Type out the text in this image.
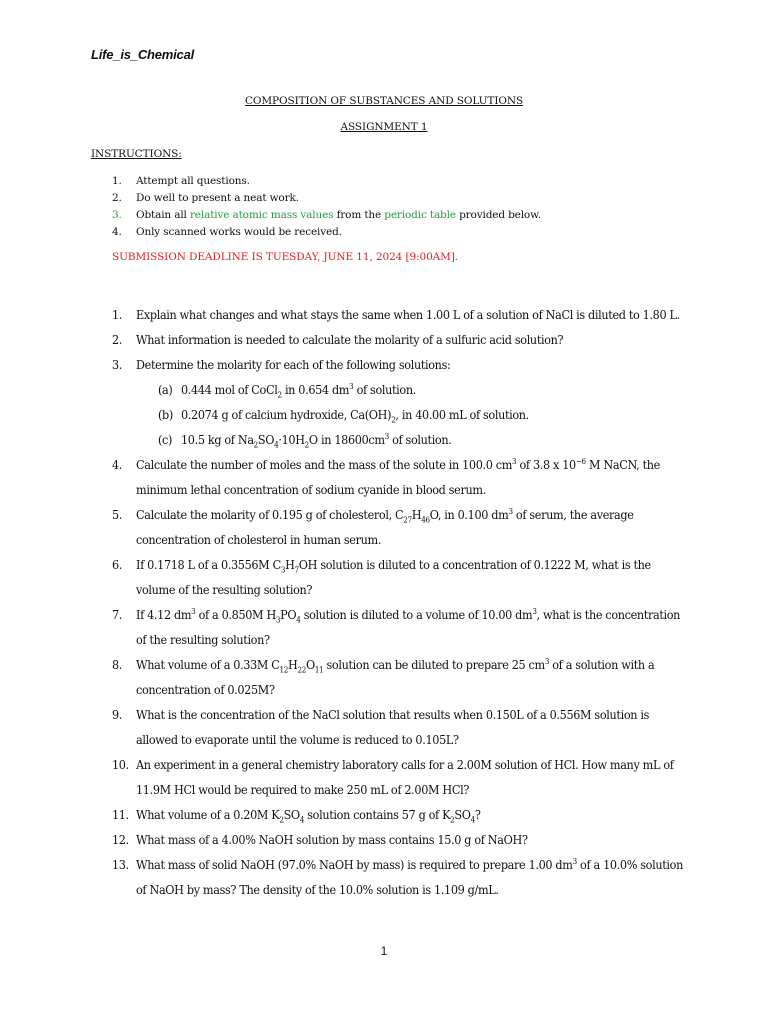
Life_is_Chemical
COMPOSITION OF SUBSTANCES AND SOLUTIONS
ASSIGNMENT 1
INSTRUCTIONS:
1.	Attempt all questions.
2.	Do well to present a neat work.
3.	Obtain all relative atomic mass values from the periodic table provided below.
4.	Only scanned works would be received.
SUBMISSION DEADLINE IS TUESDAY, JUNE 11, 2024 [9:00AM].
1.	Explain what changes and what stays the same when 1.00 L of a solution of NaCl is diluted to 1.80 L.
2.	What information is needed to calculate the molarity of a sulfuric acid solution?
3.	Determine the molarity for each of the following solutions:
(a) 0.444 mol of CoCl$_2$ in 0.654 $dm^3$ of solution.
(b) 0.2074 g of calcium hydroxide, $Ca(OH)_2$, in 40.00 mL of solution.
(c) 10.5 kg of $Na_2SO_4\cdot 10H_2O$ in $18600cm^3$ of solution.
4.	Calculate the number of moles and the mass of the solute in 100.0 $cm^3$ of 3.8 x $10^{-6}$ M NaCN, the minimum lethal concentration of sodium cyanide in blood serum.
5.	Calculate the molarity of 0.195 g of cholesterol, $C_{27}H_{46}O$, in 0.100 $dm^3$ of serum, the average concentration of cholesterol in human serum.
6.	If 0.1718 L of a 0.3556M $C_3H_7OH$ solution is diluted to a concentration of 0.1222 M, what is the volume of the resulting solution?
7.	If 4.12 $dm^3$ of a 0.850M $H_3PO_4$ solution is diluted to a volume of 10.00 $dm^3$, what is the concentration of the resulting solution?
8.	What volume of a 0.33M $C_{12}H_{22}O_{11}$ solution can be diluted to prepare 25 $cm^3$ of a solution with a concentration of 0.025M?
9.	What is the concentration of the NaCl solution that results when 0.150L of a 0.556M solution is allowed to evaporate until the volume is reduced to 0.105L?
10. An experiment in a general chemistry laboratory calls for a 2.00M solution of HCl. How many mL of 11.9M HCl would be required to make 250 mL of 2.00M HCl?
11. What volume of a 0.20M $K_2SO_4$ solution contains 57 g of $K_2SO_4$?
12. What mass of a 4.00% NaOH solution by mass contains 15.0 g of NaOH?
13. What mass of solid NaOH (97.0% NaOH by mass) is required to prepare 1.00 $dm^3$ of a 10.0% solution of NaOH by mass? The density of the 10.0% solution is 1.109 g/mL.
1
